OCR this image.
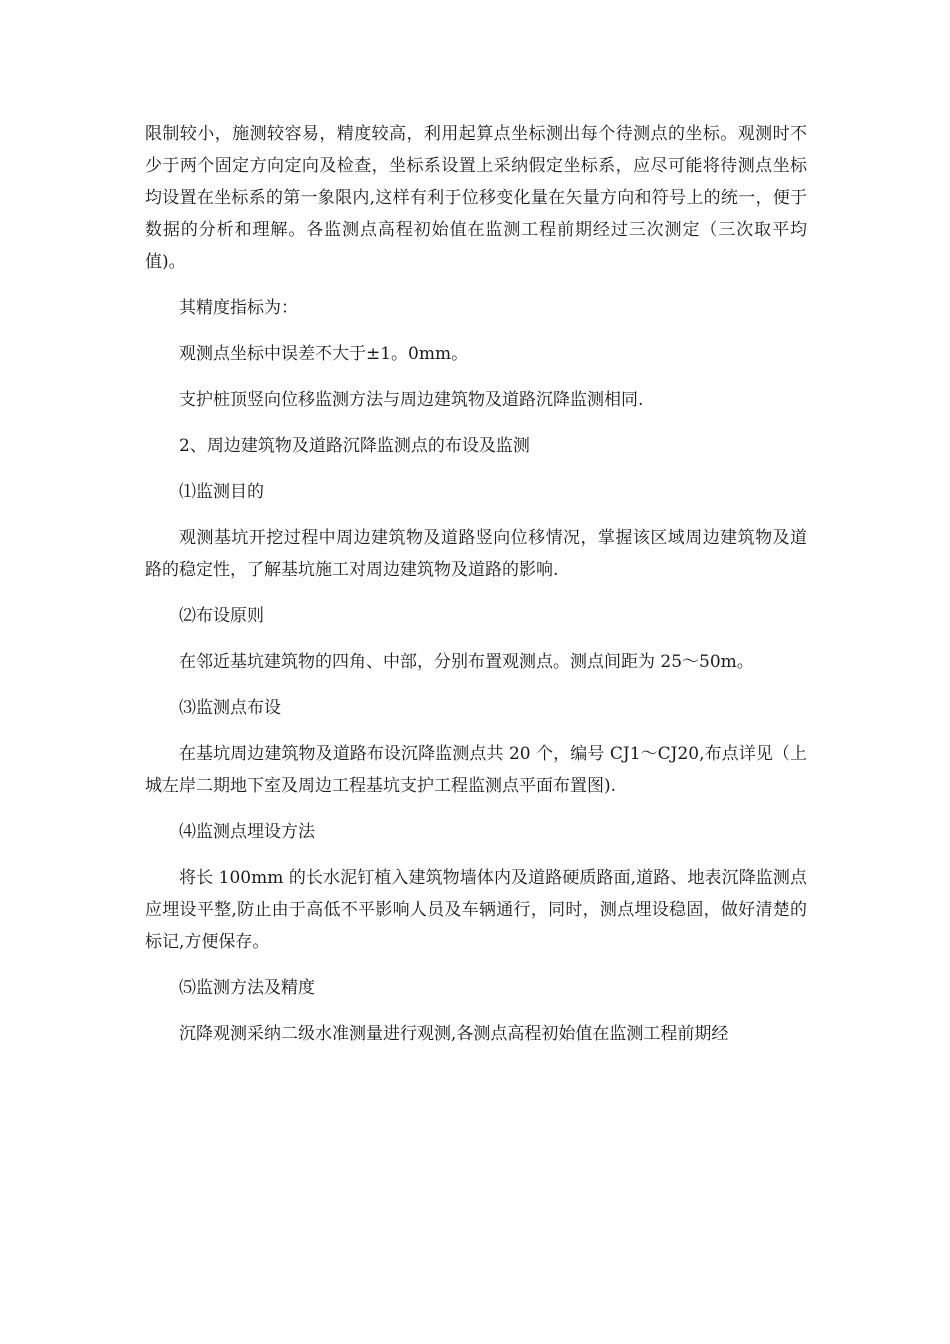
限制较小，施测较容易，精度较高，利用起算点坐标测出每个待测点的坐标。观测时不少于两个固定方向定向及检查，坐标系设置上采纳假定坐标系，应尽可能将待测点坐标均设置在坐标系的第一象限内,这样有利于位移变化量在矢量方向和符号上的统一，便于数据的分析和理解。各监测点高程初始值在监测工程前期经过三次测定（三次取平均值)。

其精度指标为：

观测点坐标中误差不大于±1。0mm。

支护桩顶竖向位移监测方法与周边建筑物及道路沉降监测相同.

2、周边建筑物及道路沉降监测点的布设及监测

⑴监测目的

观测基坑开挖过程中周边建筑物及道路竖向位移情况，掌握该区域周边建筑物及道路的稳定性，了解基坑施工对周边建筑物及道路的影响.

⑵布设原则

在邻近基坑建筑物的四角、中部，分别布置观测点。测点间距为 25～50m。

⑶监测点布设

在基坑周边建筑物及道路布设沉降监测点共 20 个，编号 CJ1～CJ20,布点详见（上城左岸二期地下室及周边工程基坑支护工程监测点平面布置图).

⑷监测点埋设方法

将长 100mm 的长水泥钉植入建筑物墙体内及道路硬质路面,道路、地表沉降监测点应埋设平整,防止由于高低不平影响人员及车辆通行，同时，测点埋设稳固，做好清楚的标记,方便保存。

⑸监测方法及精度

沉降观测采纳二级水准测量进行观测,各测点高程初始值在监测工程前期经
